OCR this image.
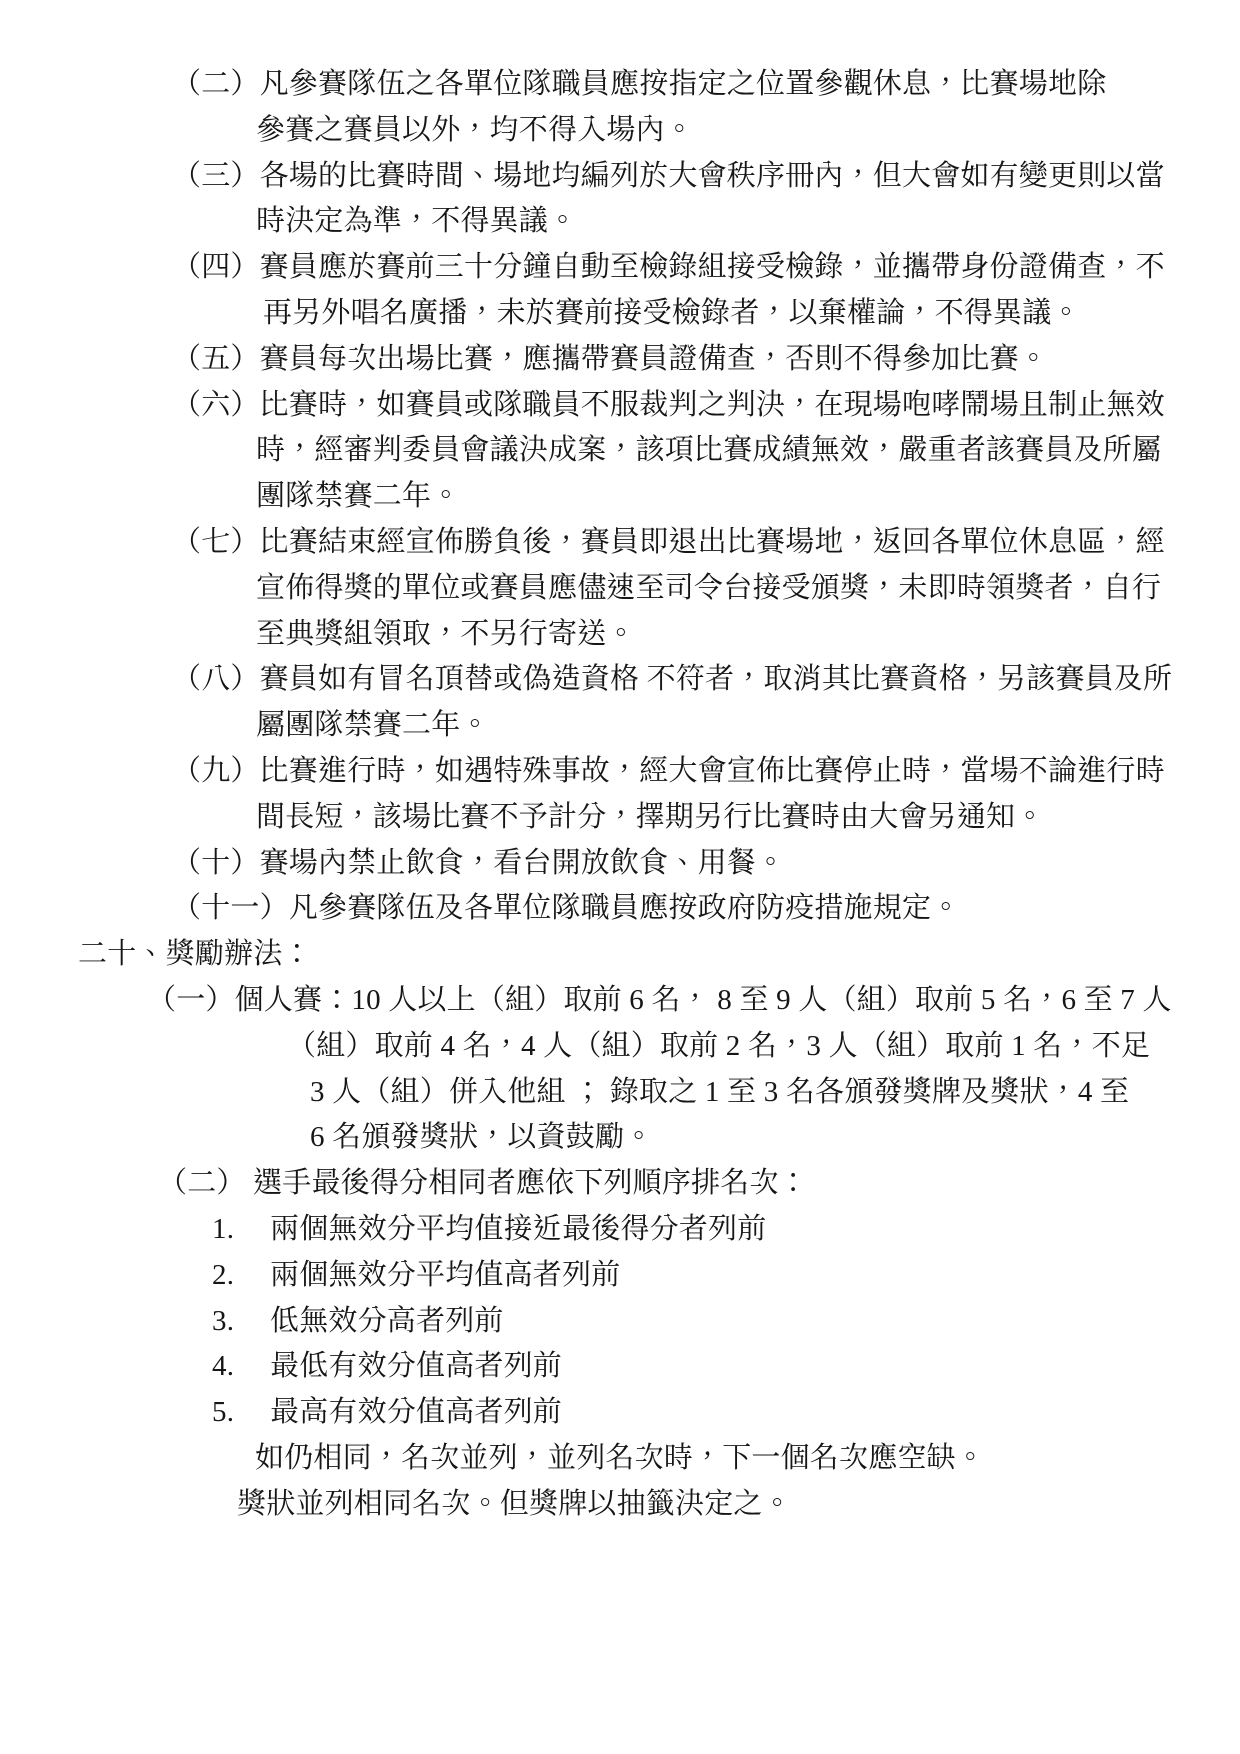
（二）凡參賽隊伍之各單位隊職員應按指定之位置參觀休息，比賽場地除
參賽之賽員以外，均不得入場內。
（三）各場的比賽時間、場地均編列於大會秩序冊內，但大會如有變更則以當
時決定為準，不得異議。
（四）賽員應於賽前三十分鐘自動至檢錄組接受檢錄，並攜帶身份證備查，不
再另外唱名廣播，未於賽前接受檢錄者，以棄權論，不得異議。
（五）賽員每次出場比賽，應攜帶賽員證備查，否則不得參加比賽。
（六）比賽時，如賽員或隊職員不服裁判之判決，在現場咆哮鬧場且制止無效
時，經審判委員會議決成案，該項比賽成績無效，嚴重者該賽員及所屬
團隊禁賽二年。
（七）比賽結束經宣佈勝負後，賽員即退出比賽場地，返回各單位休息區，經
宣佈得獎的單位或賽員應儘速至司令台接受頒獎，未即時領獎者，自行
至典獎組領取，不另行寄送。
（八）賽員如有冒名頂替或偽造資格 不符者，取消其比賽資格，另該賽員及所
屬團隊禁賽二年。
（九）比賽進行時，如遇特殊事故，經大會宣佈比賽停止時，當場不論進行時
間長短，該場比賽不予計分，擇期另行比賽時由大會另通知。
（十）賽場內禁止飲食，看台開放飲食、用餐。
（十一）凡參賽隊伍及各單位隊職員應按政府防疫措施規定。
二十、獎勵辦法：
（一）個人賽：10 人以上（組）取前 6 名， 8 至 9 人（組）取前 5 名，6 至 7 人
（組）取前 4 名，4 人（組）取前 2 名，3 人（組）取前 1 名，不足
3 人（組）併入他組 ； 錄取之 1 至 3 名各頒發獎牌及獎狀，4 至
6 名頒發獎狀，以資鼓勵。
（二） 選手最後得分相同者應依下列順序排名次：
1. 兩個無效分平均值接近最後得分者列前
2. 兩個無效分平均值高者列前
3. 低無效分高者列前
4. 最低有效分值高者列前
5. 最高有效分值高者列前
如仍相同，名次並列，並列名次時，下一個名次應空缺。
獎狀並列相同名次。但獎牌以抽籤決定之。
